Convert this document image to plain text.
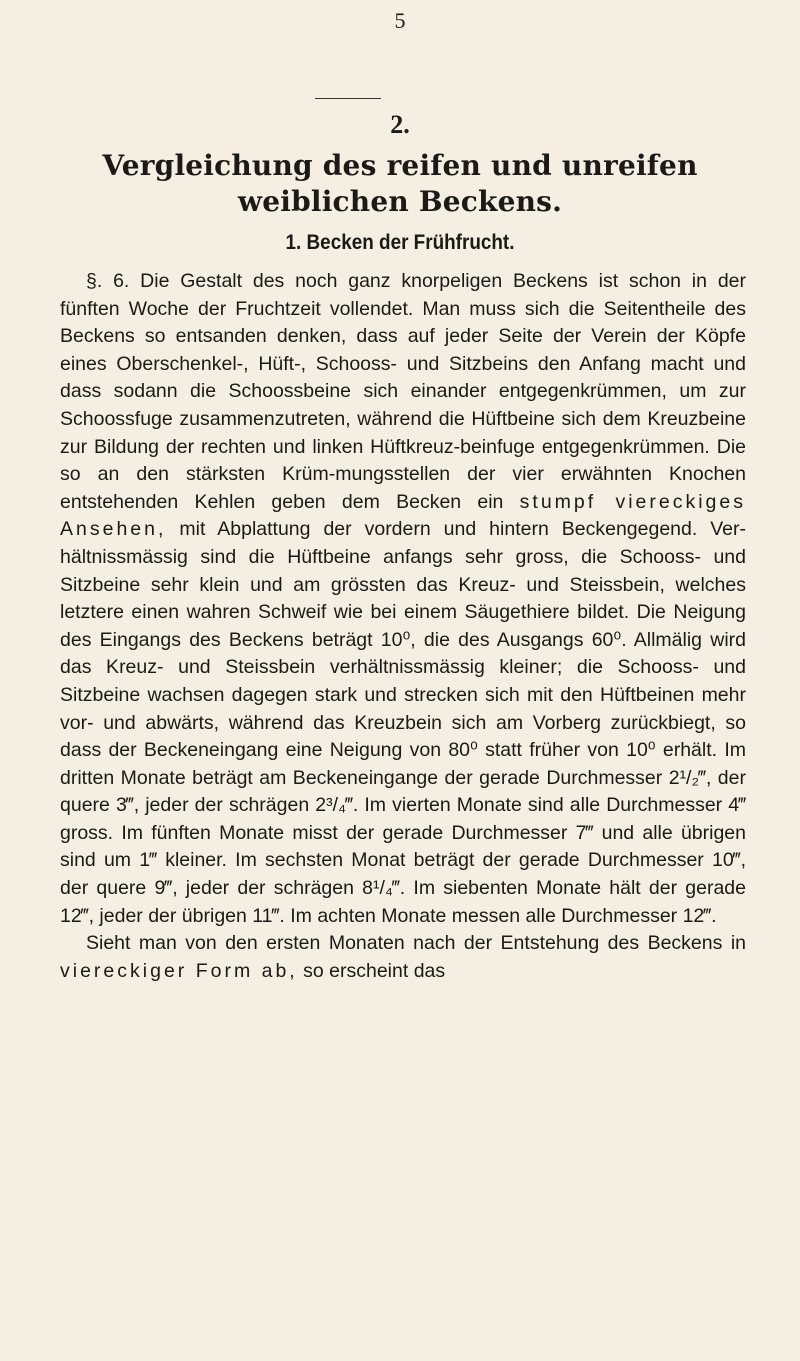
5
2.
Vergleichung des reifen und unreifen weiblichen Beckens.
1. Becken der Frühfrucht.

§. 6. Die Gestalt des noch ganz knorpeligen Beckens ist schon in der fünften Woche der Fruchtzeit vollendet. Man muss sich die Seitentheile des Beckens so entsanden denken, dass auf jeder Seite der Verein der Köpfe eines Oberschenkel-, Hüft-, Schooss- und Sitzbeins den Anfang macht und dass sodann die Schoossbeine sich einander entgegenkrümmen, um zur Schoossfuge zusammenzutreten, während die Hüftbeine sich dem Kreuzbeine zur Bildung der rechten und linken Hüftkreuz-beinfuge entgegenkrümmen. Die so an den stärksten Krüm-mungsstellen der vier erwähnten Knochen entstehenden Kehlen geben dem Becken ein stumpf viereckiges Ansehen, mit Abplattung der vordern und hintern Beckengegend. Ver-hältnissmässig sind die Hüftbeine anfangs sehr gross, die Schooss- und Sitzbeine sehr klein und am grössten das Kreuz- und Steissbein, welches letztere einen wahren Schweif wie bei einem Säugethiere bildet. Die Neigung des Eingangs des Beckens beträgt 10⁰, die des Ausgangs 60⁰. Allmälig wird das Kreuz- und Steissbein verhältnissmässig kleiner; die Schooss- und Sitzbeine wachsen dagegen stark und strecken sich mit den Hüftbeinen mehr vor- und abwärts, während das Kreuzbein sich am Vorberg zurückbiegt, so dass der Beckeneingang eine Neigung von 80⁰ statt früher von 10⁰ erhält. Im dritten Monate beträgt am Beckeneingange der gerade Durchmesser 2¹/₂‴, der quere 3‴, jeder der schrägen 2³/₄‴. Im vierten Monate sind alle Durchmesser 4‴ gross. Im fünften Monate misst der gerade Durchmesser 7‴ und alle übrigen sind um 1‴ kleiner. Im sechsten Monat beträgt der gerade Durchmesser 10‴, der quere 9‴, jeder der schrägen 8¹/₄‴. Im siebenten Monate hält der gerade 12‴, jeder der übrigen 11‴. Im achten Monate messen alle Durchmesser 12‴.

Sieht man von den ersten Monaten nach der Entstehung des Beckens in viereckiger Form ab, so erscheint das
